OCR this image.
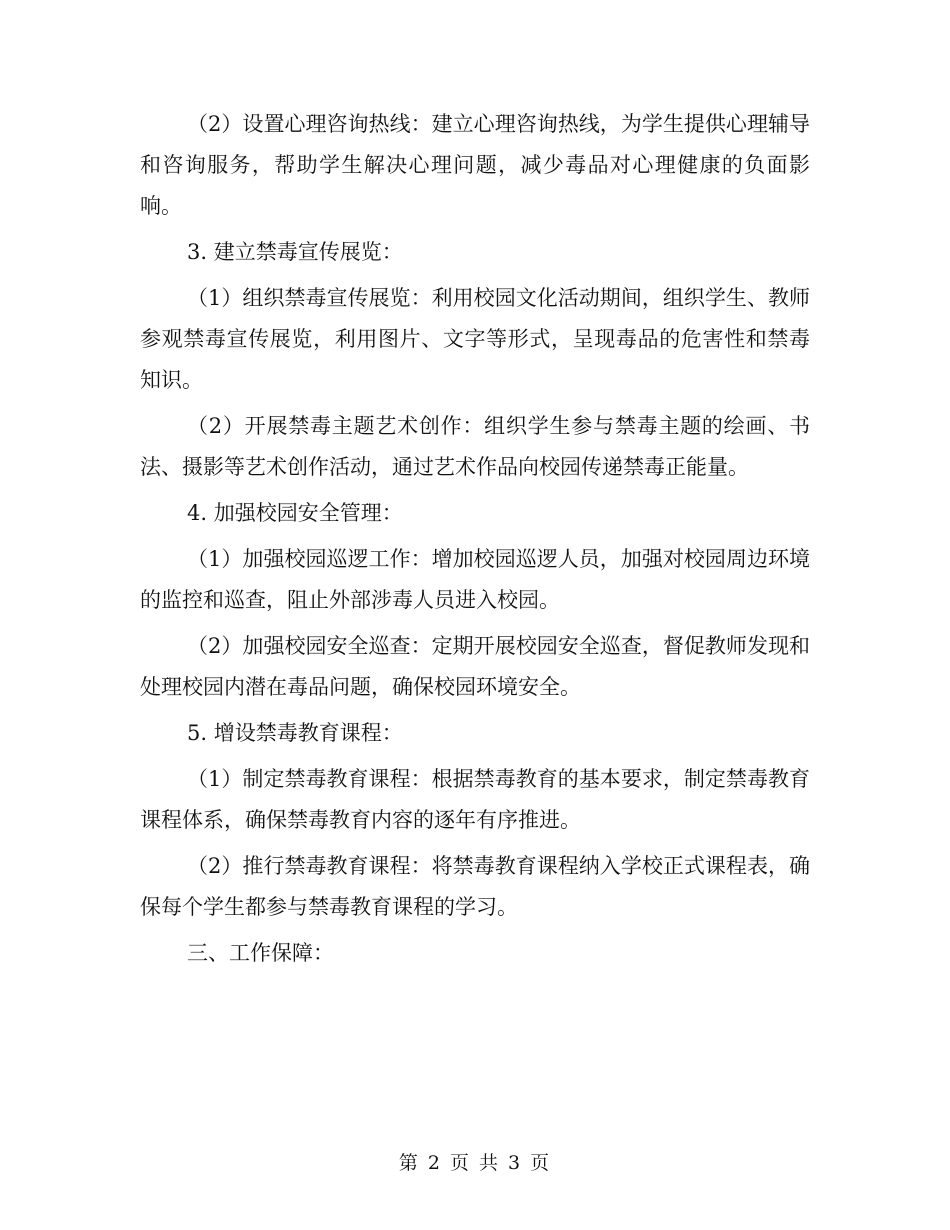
（2）设置心理咨询热线：建立心理咨询热线，为学生提供心理辅导和咨询服务，帮助学生解决心理问题，减少毒品对心理健康的负面影响。

3. 建立禁毒宣传展览：

（1）组织禁毒宣传展览：利用校园文化活动期间，组织学生、教师参观禁毒宣传展览，利用图片、文字等形式，呈现毒品的危害性和禁毒知识。

（2）开展禁毒主题艺术创作：组织学生参与禁毒主题的绘画、书法、摄影等艺术创作活动，通过艺术作品向校园传递禁毒正能量。

4. 加强校园安全管理：

（1）加强校园巡逻工作：增加校园巡逻人员，加强对校园周边环境的监控和巡查，阻止外部涉毒人员进入校园。

（2）加强校园安全巡查：定期开展校园安全巡查，督促教师发现和处理校园内潜在毒品问题，确保校园环境安全。

5. 增设禁毒教育课程：

（1）制定禁毒教育课程：根据禁毒教育的基本要求，制定禁毒教育课程体系，确保禁毒教育内容的逐年有序推进。

（2）推行禁毒教育课程：将禁毒教育课程纳入学校正式课程表，确保每个学生都参与禁毒教育课程的学习。

三、工作保障：

第 2 页 共 3 页
